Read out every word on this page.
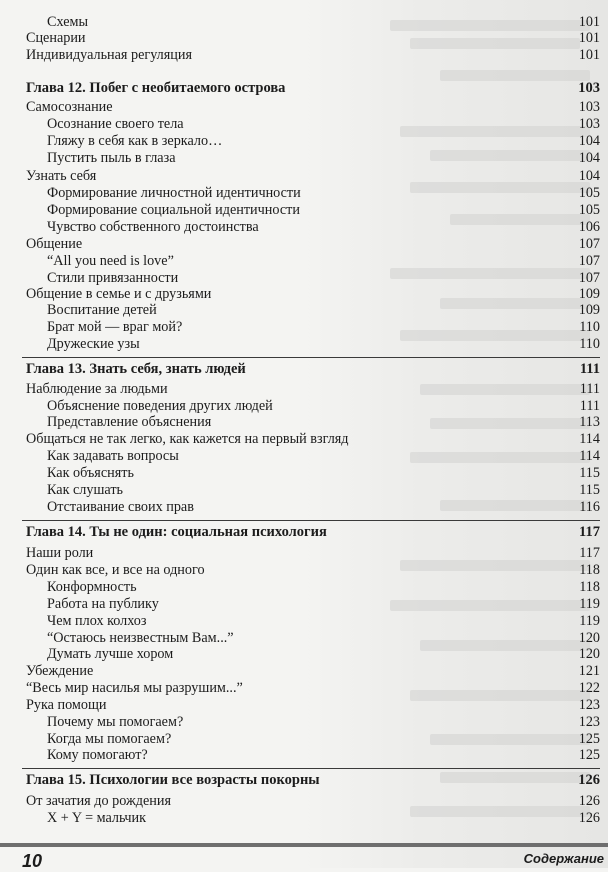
Схемы	101
Сценарии	101
Индивидуальная регуляция	101
Глава 12. Побег с необитаемого острова	103
Самосознание	103
Осознание своего тела	103
Гляжу в себя как в зеркало…	104
Пустить пыль в глаза	104
Узнать себя	104
Формирование личностной идентичности	105
Формирование социальной идентичности	105
Чувство собственного достоинства	106
Общение	107
“All you need is love”	107
Стили привязанности	107
Общение в семье и с друзьями	109
Воспитание детей	109
Брат мой — враг мой?	110
Дружеские узы	110
Глава 13. Знать себя, знать людей	111
Наблюдение за людьми	111
Объяснение поведения других людей	111
Представление объяснения	113
Общаться не так легко, как кажется на первый взгляд	114
Как задавать вопросы	114
Как объяснять	115
Как слушать	115
Отстаивание своих прав	116
Глава 14. Ты не один: социальная психология	117
Наши роли	117
Один как все, и все на одного	118
Конформность	118
Работа на публику	119
Чем плох колхоз	119
“Остаюсь неизвестным Вам...”	120
Думать лучше хором	120
Убеждение	121
“Весь мир насилья мы разрушим...”	122
Рука помощи	123
Почему мы помогаем?	123
Когда мы помогаем?	125
Кому помогают?	125
Глава 15. Психологии все возрасты покорны	126
От зачатия до рождения	126
X + Y = мальчик	126
10	Содержание
